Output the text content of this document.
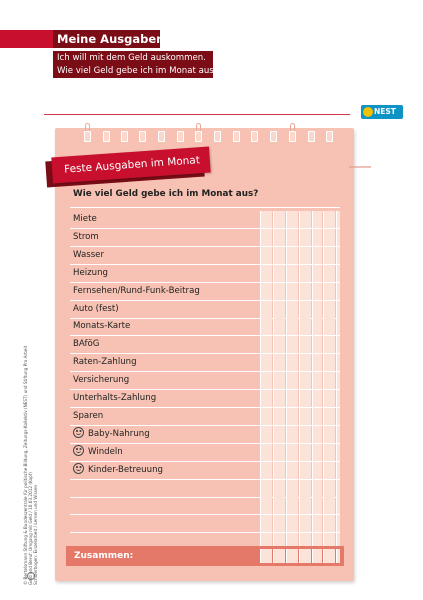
Meine Ausgaben
Ich will mit dem Geld auskommen.
Wie viel Geld gebe ich im Monat aus?
NEST
© Bertelsmann Stiftung & Bundeszentrale für politische Bildung, Zeitungs-Kollektiv (NEST) und Stiftung Pro Arbeit Geld und Beruf: Umgang mit Geld / 10.03.2012 (Kopf) Schülerbogen: Einzelarbeit / Lernen und Wissen
Feste Ausgaben im Monat
Wie viel Geld gebe ich im Monat aus?
Miete
Strom
Wasser
Heizung
Fernsehen/Rund-Funk-Beitrag
Auto (fest)
Monats-Karte
BAföG
Raten-Zahlung
Versicherung
Unterhalts-Zahlung
Sparen
Baby-Nahrung
Windeln
Kinder-Betreuung
Zusammen:
